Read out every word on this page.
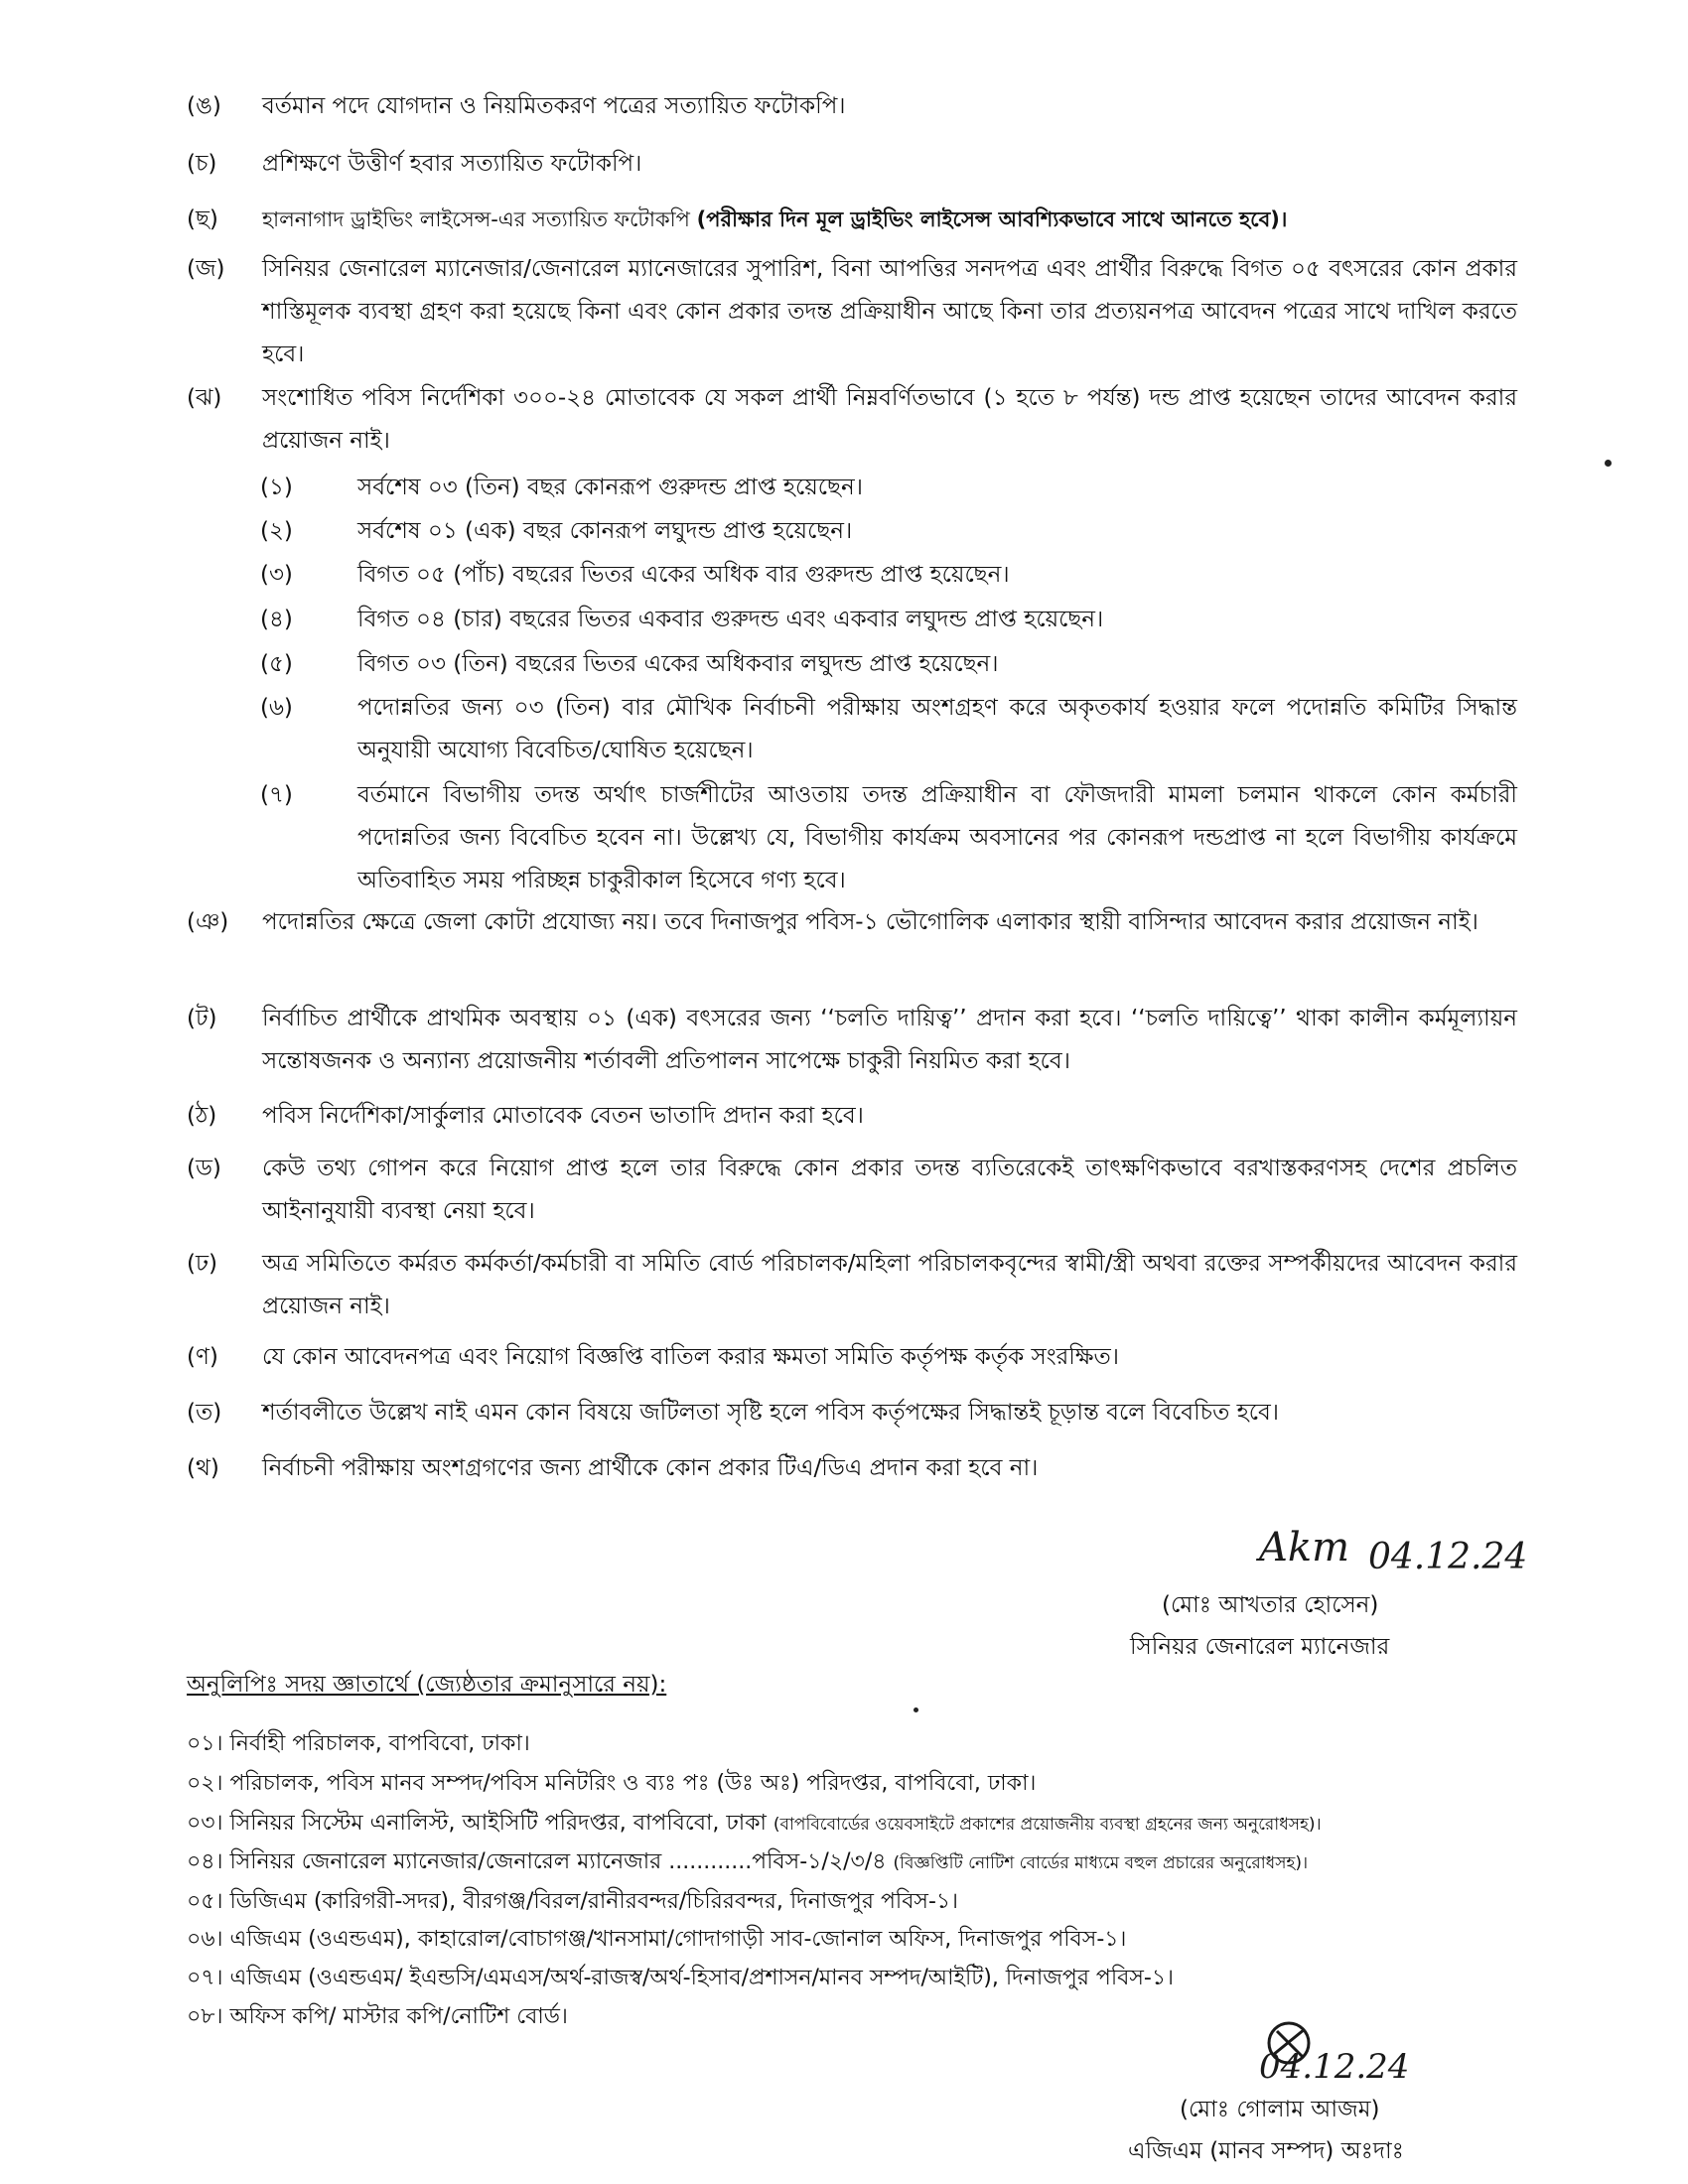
(ঙ)	বর্তমান পদে যোগদান ও নিয়মিতকরণ পত্রের সত্যায়িত ফটোকপি।
(চ)	প্রশিক্ষণে উত্তীর্ণ হবার সত্যায়িত ফটোকপি।
(ছ)	হালনাগাদ ড্রাইভিং লাইসেন্স-এর সত্যায়িত ফটোকপি (পরীক্ষার দিন মূল ড্রাইভিং লাইসেন্স আবশ্যিকভাবে সাথে আনতে হবে)।
(জ)	সিনিয়র জেনারেল ম্যানেজার/জেনারেল ম্যানেজারের সুপারিশ, বিনা আপত্তির সনদপত্র এবং প্রার্থীর বিরুদ্ধে বিগত ০৫ বৎসরের কোন প্রকার শাস্তিমূলক ব্যবস্থা গ্রহণ করা হয়েছে কিনা এবং কোন প্রকার তদন্ত প্রক্রিয়াধীন আছে কিনা তার প্রত্যয়নপত্র আবেদন পত্রের সাথে দাখিল করতে হবে।
(ঝ)	সংশোধিত পবিস নির্দেশিকা ৩০০-২৪ মোতাবেক যে সকল প্রার্থী নিম্নবর্ণিতভাবে (১ হতে ৮ পর্যন্ত) দন্ড প্রাপ্ত হয়েছেন তাদের আবেদন করার প্রয়োজন নাই।
(১)	সর্বশেষ ০৩ (তিন) বছর কোনরূপ গুরুদন্ড প্রাপ্ত হয়েছেন।
(২)	সর্বশেষ ০১ (এক) বছর কোনরূপ লঘুদন্ড প্রাপ্ত হয়েছেন।
(৩)	বিগত ০৫ (পাঁচ) বছরের ভিতর একের অধিক বার গুরুদন্ড প্রাপ্ত হয়েছেন।
(৪)	বিগত ০৪ (চার) বছরের ভিতর একবার গুরুদন্ড এবং একবার লঘুদন্ড প্রাপ্ত হয়েছেন।
(৫)	বিগত ০৩ (তিন) বছরের ভিতর একের অধিকবার লঘুদন্ড প্রাপ্ত হয়েছেন।
(৬)	পদোন্নতির জন্য ০৩ (তিন) বার মৌখিক নির্বাচনী পরীক্ষায় অংশগ্রহণ করে অকৃতকার্য হওয়ার ফলে পদোন্নতি কমিটির সিদ্ধান্ত অনুযায়ী অযোগ্য বিবেচিত/ঘোষিত হয়েছেন।
(৭)	বর্তমানে বিভাগীয় তদন্ত অর্থাৎ চার্জশীটের আওতায় তদন্ত প্রক্রিয়াধীন বা ফৌজদারী মামলা চলমান থাকলে কোন কর্মচারী পদোন্নতির জন্য বিবেচিত হবেন না। উল্লেখ্য যে, বিভাগীয় কার্যক্রম অবসানের পর কোনরূপ দন্ডপ্রাপ্ত না হলে বিভাগীয় কার্যক্রমে অতিবাহিত সময় পরিচ্ছন্ন চাকুরীকাল হিসেবে গণ্য হবে।
(ঞ)	পদোন্নতির ক্ষেত্রে জেলা কোটা প্রযোজ্য নয়। তবে দিনাজপুর পবিস-১ ভৌগোলিক এলাকার স্থায়ী বাসিন্দার আবেদন করার প্রয়োজন নাই।
(ট)	নির্বাচিত প্রার্থীকে প্রাথমিক অবস্থায় ০১ (এক) বৎসরের জন্য ‘‘চলতি দায়িত্ব’’ প্রদান করা হবে। ‘‘চলতি দায়িত্বে’’ থাকা কালীন কর্মমূল্যায়ন সন্তোষজনক ও অন্যান্য প্রয়োজনীয় শর্তাবলী প্রতিপালন সাপেক্ষে চাকুরী নিয়মিত করা হবে।
(ঠ)	পবিস নির্দেশিকা/সার্কুলার মোতাবেক বেতন ভাতাদি প্রদান করা হবে।
(ড)	কেউ তথ্য গোপন করে নিয়োগ প্রাপ্ত হলে তার বিরুদ্ধে কোন প্রকার তদন্ত ব্যতিরেকেই তাৎক্ষণিকভাবে বরখাস্তকরণসহ দেশের প্রচলিত আইনানুযায়ী ব্যবস্থা নেয়া হবে।
(ঢ)	অত্র সমিতিতে কর্মরত কর্মকর্তা/কর্মচারী বা সমিতি বোর্ড পরিচালক/মহিলা পরিচালকবৃন্দের স্বামী/স্ত্রী অথবা রক্তের সম্পর্কীয়দের আবেদন করার প্রয়োজন নাই।
(ণ)	যে কোন আবেদনপত্র এবং নিয়োগ বিজ্ঞপ্তি বাতিল করার ক্ষমতা সমিতি কর্তৃপক্ষ কর্তৃক সংরক্ষিত।
(ত)	শর্তাবলীতে উল্লেখ নাই এমন কোন বিষয়ে জটিলতা সৃষ্টি হলে পবিস কর্তৃপক্ষের সিদ্ধান্তই চূড়ান্ত বলে বিবেচিত হবে।
(থ)	নির্বাচনী পরীক্ষায় অংশগ্রগণের জন্য প্রার্থীকে কোন প্রকার টিএ/ডিএ প্রদান করা হবে না।
Akm 04.12.24
(মোঃ আখতার হোসেন)
সিনিয়র জেনারেল ম্যানেজার
অনুলিপিঃ সদয় জ্ঞাতার্থে (জ্যেষ্ঠতার ক্রমানুসারে নয়):
০১। নির্বাহী পরিচালক, বাপবিবো, ঢাকা।
০২। পরিচালক, পবিস মানব সম্পদ/পবিস মনিটরিং ও ব্যঃ পঃ (উঃ অঃ) পরিদপ্তর, বাপবিবো, ঢাকা।
০৩। সিনিয়র সিস্টেম এনালিস্ট, আইসিটি পরিদপ্তর, বাপবিবো, ঢাকা (বাপবিবোর্ডের ওয়েবসাইটে প্রকাশের প্রয়োজনীয় ব্যবস্থা গ্রহনের জন্য অনুরোধসহ)।
০৪। সিনিয়র জেনারেল ম্যানেজার/জেনারেল ম্যানেজার ............পবিস-১/২/৩/৪ (বিজ্ঞপ্তিটি নোটিশ বোর্ডের মাধ্যমে বহুল প্রচারের অনুরোধসহ)।
০৫। ডিজিএম (কারিগরী-সদর), বীরগঞ্জ/বিরল/রানীরবন্দর/চিরিরবন্দর, দিনাজপুর পবিস-১।
০৬। এজিএম (ওএন্ডএম), কাহারোল/বোচাগঞ্জ/খানসামা/গোদাগাড়ী সাব-জোনাল অফিস, দিনাজপুর পবিস-১।
০৭। এজিএম (ওএন্ডএম/ ইএন্ডসি/এমএস/অর্থ-রাজস্ব/অর্থ-হিসাব/প্রশাসন/মানব সম্পদ/আইটি), দিনাজপুর পবিস-১।
০৮। অফিস কপি/ মাস্টার কপি/নোটিশ বোর্ড।
04.12.24
(মোঃ গোলাম আজম)
এজিএম (মানব সম্পদ) অঃদাঃ
